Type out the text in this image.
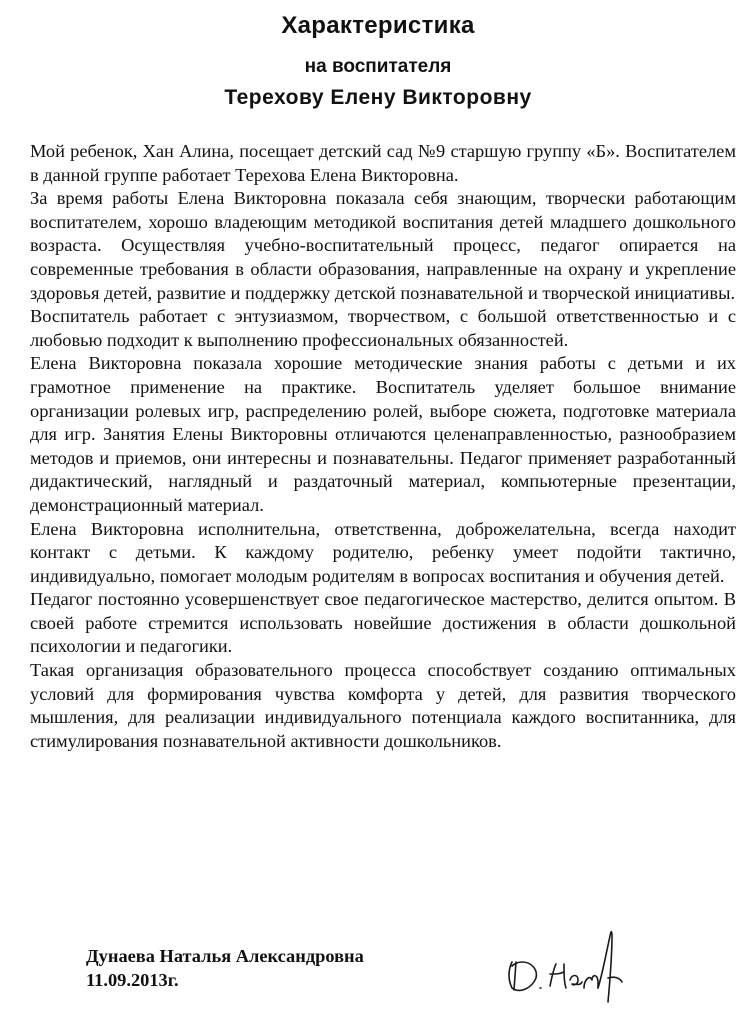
Характеристика
на воспитателя
Терехову Елену Викторовну

Мой ребенок, Хан Алина, посещает детский сад №9 старшую группу «Б». Воспитателем в данной группе работает Терехова Елена Викторовна.

За время работы Елена Викторовна показала себя знающим, творчески работающим воспитателем, хорошо владеющим методикой воспитания детей младшего дошкольного возраста. Осуществляя учебно-воспитательный процесс, педагог опирается на современные требования в области образования, направленные на охрану и укрепление здоровья детей, развитие и поддержку детской познавательной и творческой инициативы.

Воспитатель работает с энтузиазмом, творчеством, с большой ответственностью и с любовью подходит к выполнению профессиональных обязанностей.

Елена Викторовна показала хорошие методические знания работы с детьми и их грамотное применение на практике. Воспитатель уделяет большое внимание организации ролевых игр, распределению ролей, выборе сюжета, подготовке материала для игр. Занятия Елены Викторовны отличаются целенаправленностью, разнообразием методов и приемов, они интересны и познавательны. Педагог применяет разработанный дидактический, наглядный и раздаточный материал, компьютерные презентации, демонстрационный материал.

Елена Викторовна исполнительна, ответственна, доброжелательна, всегда находит контакт с детьми. К каждому родителю, ребенку умеет подойти тактично, индивидуально, помогает молодым родителям в вопросах воспитания и обучения детей.

Педагог постоянно усовершенствует свое педагогическое мастерство, делится опытом. В своей работе стремится использовать новейшие достижения в области дошкольной психологии и педагогики.

Такая организация образовательного процесса способствует созданию оптимальных условий для формирования чувства комфорта у детей, для развития творческого мышления, для реализации индивидуального потенциала каждого воспитанника, для стимулирования познавательной активности дошкольников.

Дунаева Наталья Александровна
11.09.2013г.
